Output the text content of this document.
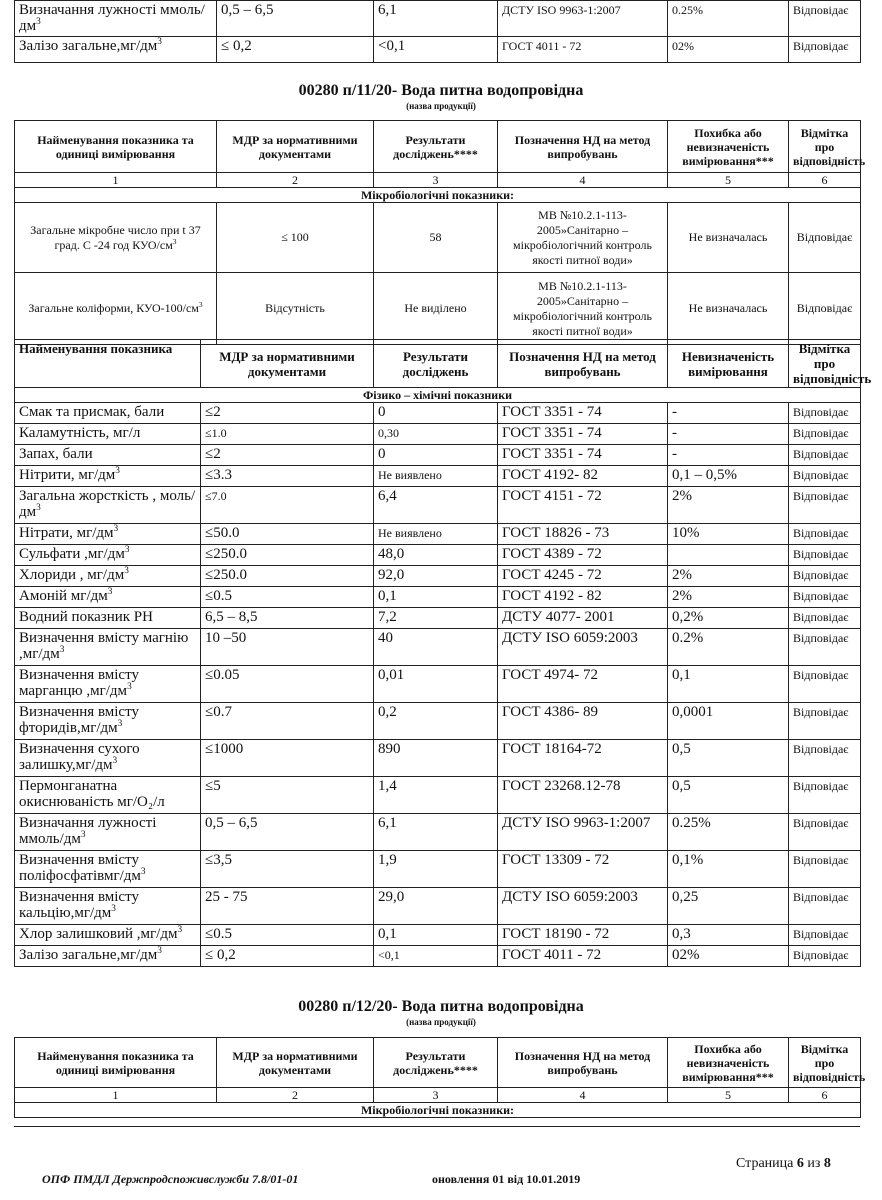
Визначання лужності ммоль/$дм^3$	0,5 – 6,5	6,1	ДСТУ ISO 9963-1:2007	0.25%	Відповідає
Залізо $загальне,мг/дм^3$	≤ 0,2	<0,1	ГОСТ 4011 - 72	02%	Відповідає
00280 п/11/20- Вода питна водопровідна
(назва продукції)
Найменування показника та одиниці вимірювання	МДР за нормативними документами	Результати досліджень****	Позначення НД на метод випробувань	Похибка або невизначеність вимірювання***	Відмітка про відповідність
1	2	3	4	5	6
Мікробіологічні показники:					
Загальне мікробне число при t 37 град. С -24 год КУО/$см^3$	≤ 100	58	МВ №10.2.1-113-2005»Санітарно – мікробіологічний контроль якості питної води»	Не визначалась	Відповідає
Загальне коліформи, КУО-$100/см^3$	Відсутність	Не виділено	МВ №10.2.1-113-2005»Санітарно – мікробіологічний контроль якості питної води»	Не визначалась	Відповідає
Фізико – хімічні показники					
Найменування показника	МДР за нормативними документами	Результати досліджень	Позначення НД на метод випробувань	Невизначеність вимірювання	Відмітка про відповідність
Смак та присмак, бали	≤2	0	ГОСТ 3351 - 74	-	Відповідає
Каламутність, мг/л	≤1.0	0,30	ГОСТ 3351 - 74	-	Відповідає
Запах, бали	≤2	0	ГОСТ 3351 - 74	-	Відповідає
Нітрити, $мг/дм^3$	≤3.3	Не виявлено	ГОСТ 4192- 82	0,1 – 0,5%	Відповідає
Загальна жорсткість , моль/$дм^3$	≤7.0	6,4	ГОСТ 4151 - 72	2%	Відповідає
Нітрати, $мг/дм^3$	≤50.0	Не виявлено	ГОСТ 18826 - 73	10%	Відповідає
Сульфати $,мг/дм^3$	≤250.0	48,0	ГОСТ 4389 - 72		Відповідає
Хлориди , $мг/дм^3$	≤250.0	92,0	ГОСТ 4245 - 72	2%	Відповідає
Амоній $мг/дм^3$	≤0.5	0,1	ГОСТ 4192 - 82	2%	Відповідає
Водний показник РН	6,5 – 8,5	7,2	ДСТУ 4077- 2001	0,2%	Відповідає
Визначення вмісту магнію $,мг/дм^3$	10 –50	40	ДСТУ ISO 6059:2003	0.2%	Відповідає
Визначення вмісту марганцю $,мг/дм^3$	≤0.05	0,01	ГОСТ 4974- 72	0,1	Відповідає
Визначення вмісту $фторидів,мг/дм^3$	≤0.7	0,2	ГОСТ 4386- 89	0,0001	Відповідає
Визначення сухого $залишку,мг/дм^3$	≤1000	890	ГОСТ 18164-72	0,5	Відповідає
Пермонганатна окиснюваність мг/О₂/л	≤5	1,4	ГОСТ 23268.12-78	0,5	Відповідає
Визначання лужності ммоль/$дм^3$	0,5 – 6,5	6,1	ДСТУ ISO 9963-1:2007	0.25%	Відповідає
Визначення вмісту поліфосфатівмг/$дм^3$	≤3,5	1,9	ГОСТ 13309 - 72	0,1%	Відповідає
Визначення вмісту $кальцію,мг/дм^3$	25 - 75	29,0	ДСТУ ISO 6059:2003	0,25	Відповідає
Хлор залишковий $,мг/дм^3$	≤0.5	0,1	ГОСТ 18190 - 72	0,3	Відповідає
Залізо $загальне,мг/дм^3$	≤ 0,2	<0,1	ГОСТ 4011 - 72	02%	Відповідає
00280 п/12/20- Вода питна водопровідна
(назва продукції)
Найменування показника та одиниці вимірювання	МДР за нормативними документами	Результати досліджень****	Позначення НД на метод випробувань	Похибка або невизначеність вимірювання***	Відмітка про відповідність
1	2	3	4	5	6
Мікробіологічні показники:					
Страница 6 из 8
ОПФ ПМДЛ Держпродспоживслужби 7.8/01-01	оновлення 01 від 10.01.2019
